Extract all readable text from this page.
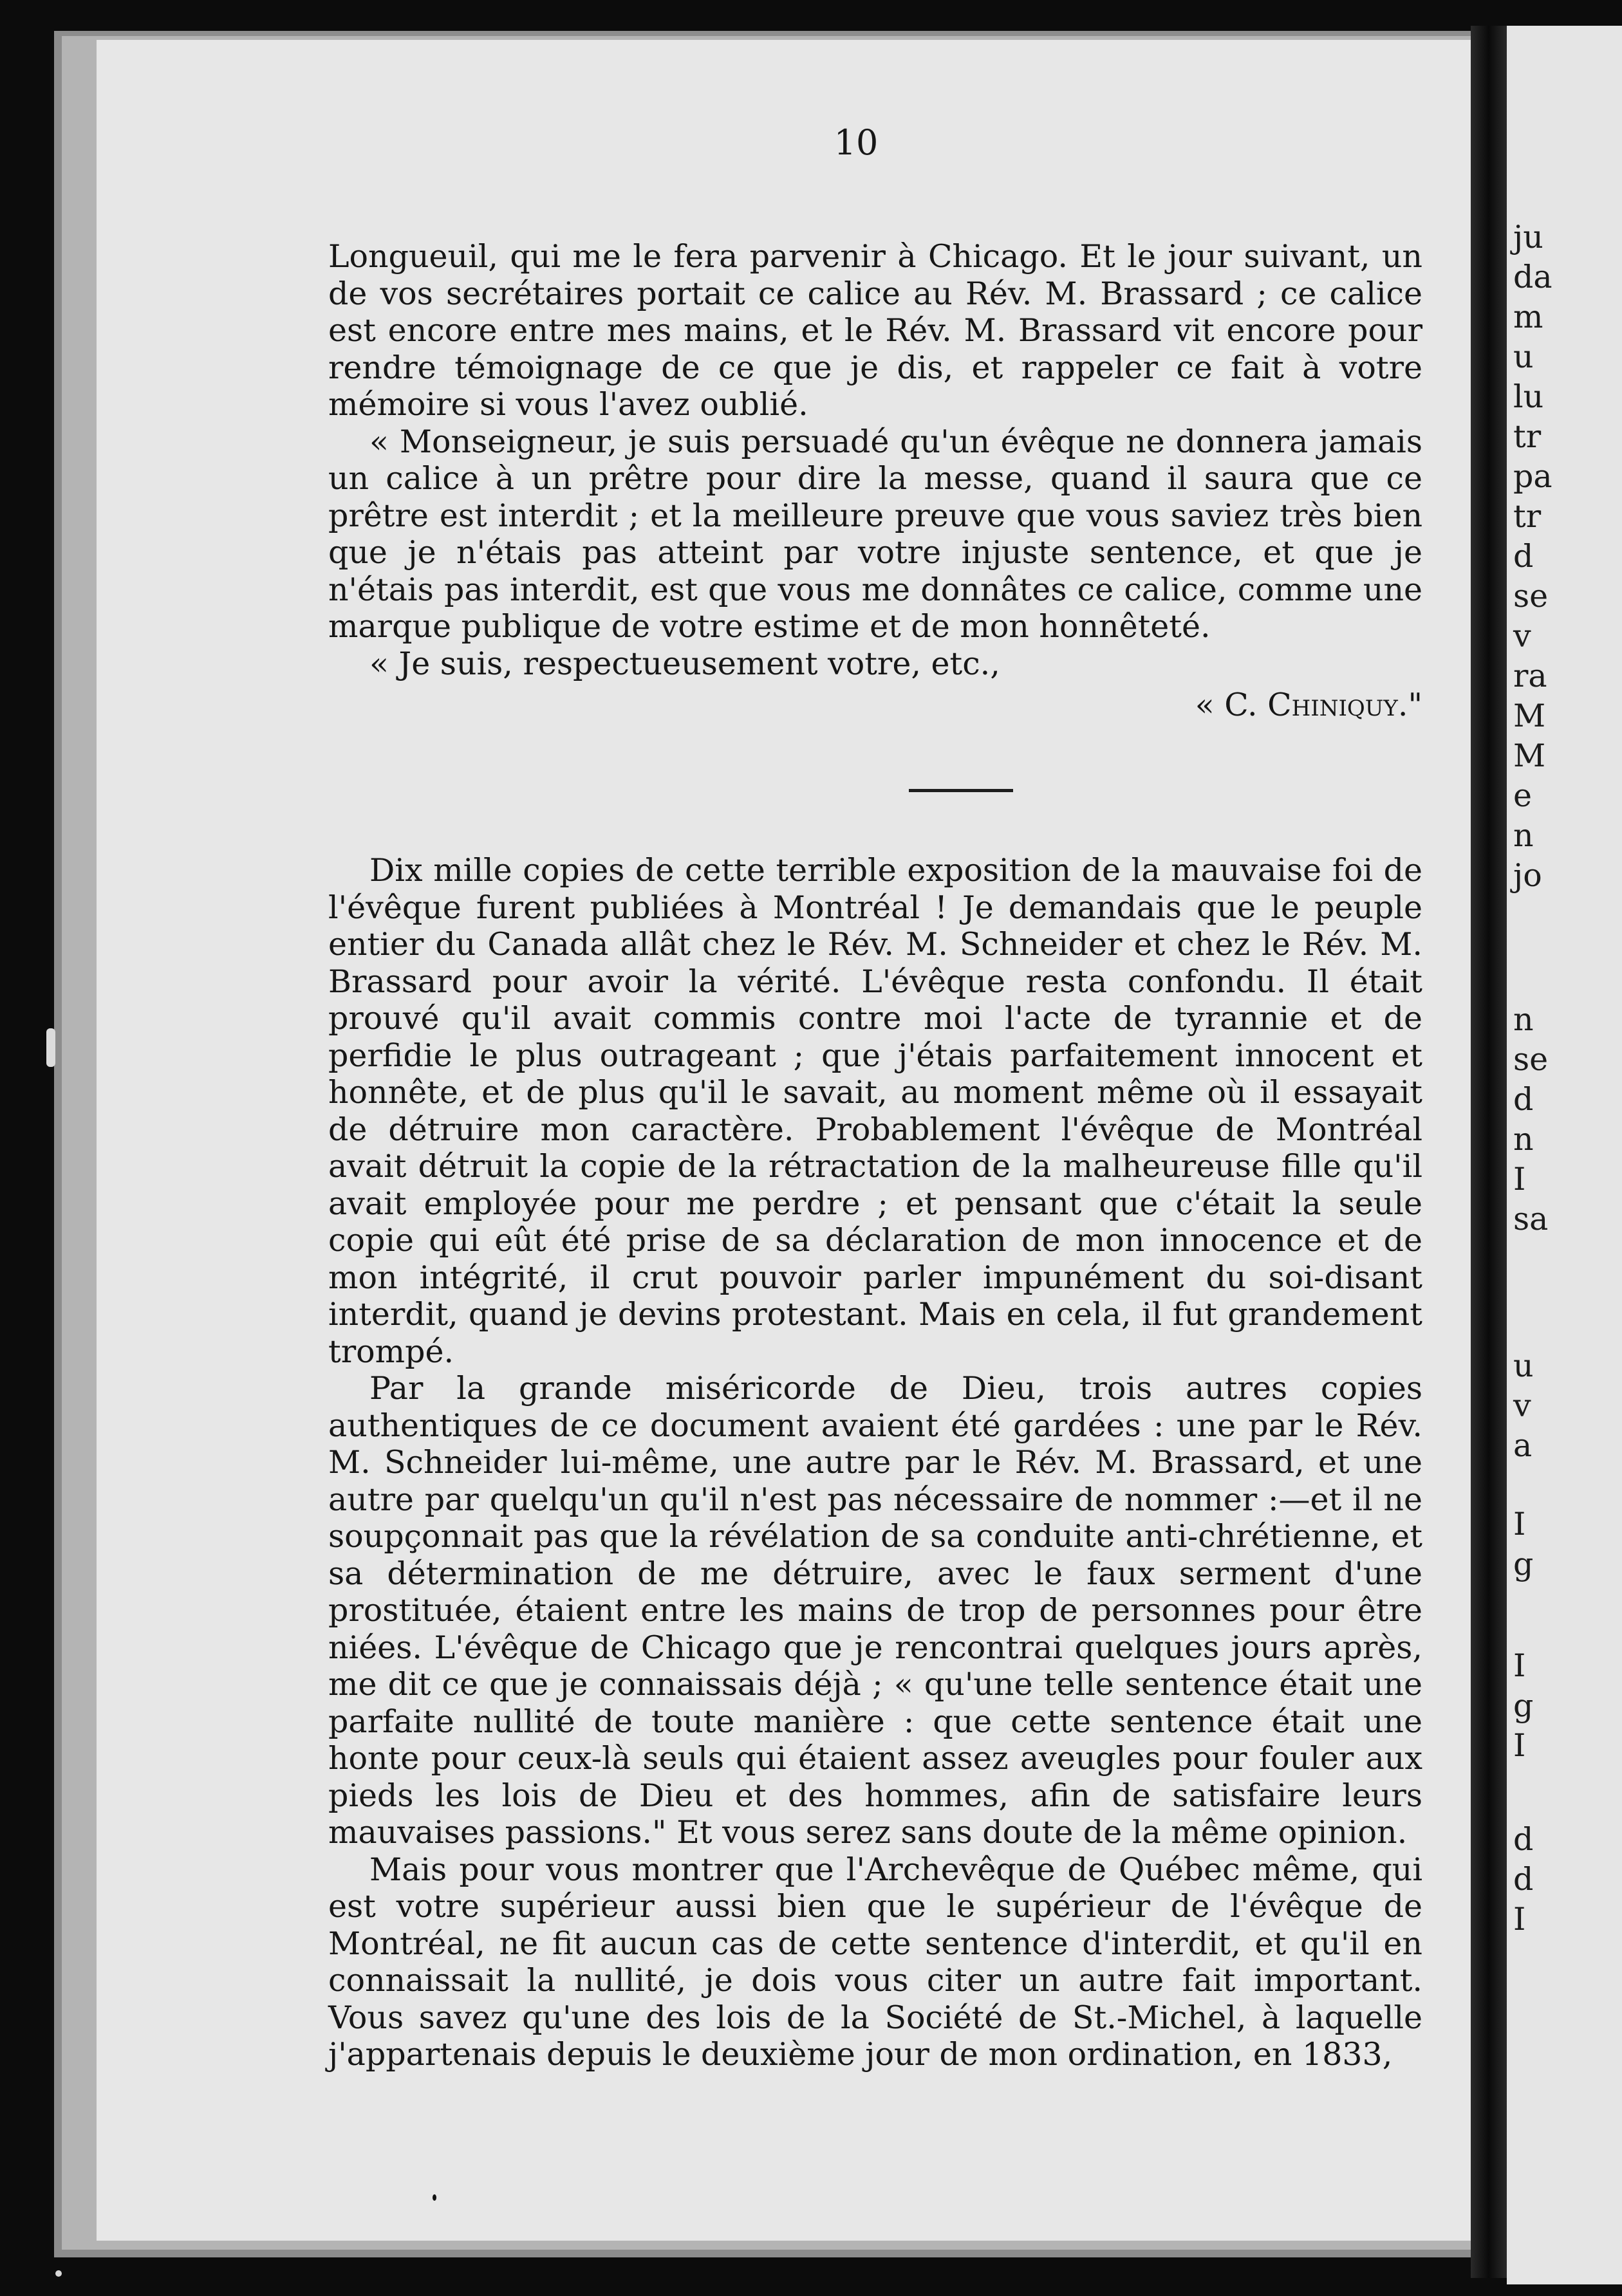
10

Longueuil, qui me le fera parvenir à Chicago. Et le jour suivant, un de vos secrétaires portait ce calice au Rév. M. Brassard ; ce calice est encore entre mes mains, et le Rév. M. Brassard vit encore pour rendre témoignage de ce que je dis, et rappeler ce fait à votre mémoire si vous l'avez oublié.

« Monseigneur, je suis persuadé qu'un évêque ne donnera jamais un calice à un prêtre pour dire la messe, quand il saura que ce prêtre est interdit ; et la meilleure preuve que vous saviez très bien que je n'étais pas atteint par votre injuste sentence, et que je n'étais pas interdit, est que vous me donnâtes ce calice, comme une marque publique de votre estime et de mon honnêteté.

« Je suis, respectueusement votre, etc.,

« C. Chiniquy."

Dix mille copies de cette terrible exposition de la mauvaise foi de l'évêque furent publiées à Montréal ! Je demandais que le peuple entier du Canada allât chez le Rév. M. Schneider et chez le Rév. M. Brassard pour avoir la vérité. L'évêque resta confondu. Il était prouvé qu'il avait commis contre moi l'acte de tyrannie et de perfidie le plus outrageant ; que j'étais parfaitement innocent et honnête, et de plus qu'il le savait, au moment même où il essayait de détruire mon caractère. Probablement l'évêque de Montréal avait détruit la copie de la rétractation de la malheureuse fille qu'il avait employée pour me perdre ; et pensant que c'était la seule copie qui eût été prise de sa déclaration de mon innocence et de mon intégrité, il crut pouvoir parler impunément du soi-disant interdit, quand je devins protestant. Mais en cela, il fut grandement trompé.

Par la grande miséricorde de Dieu, trois autres copies authentiques de ce document avaient été gardées : une par le Rév. M. Schneider lui-même, une autre par le Rév. M. Brassard, et une autre par quelqu'un qu'il n'est pas nécessaire de nommer :—et il ne soupçonnait pas que la révélation de sa conduite anti-chrétienne, et sa détermination de me détruire, avec le faux serment d'une prostituée, étaient entre les mains de trop de personnes pour être niées. L'évêque de Chicago que je rencontrai quelques jours après, me dit ce que je connaissais déjà ; « qu'une telle sentence était une parfaite nullité de toute manière : que cette sentence était une honte pour ceux-là seuls qui étaient assez aveugles pour fouler aux pieds les lois de Dieu et des hommes, afin de satisfaire leurs mauvaises passions." Et vous serez sans doute de la même opinion.

Mais pour vous montrer que l'Archevêque de Québec même, qui est votre supérieur aussi bien que le supérieur de l'évêque de Montréal, ne fit aucun cas de cette sentence d'interdit, et qu'il en connaissait la nullité, je dois vous citer un autre fait important. Vous savez qu'une des lois de la Société de St.-Michel, à laquelle j'appartenais depuis le deuxième jour de mon ordination, en 1833,

ju
da
m
u
lu
tr
pa
tr
d
se
v
ra
M
M
e
n
jo
n
se
d
n
I
sa
u
v
a
I
g
I
g
I
d
d
I
